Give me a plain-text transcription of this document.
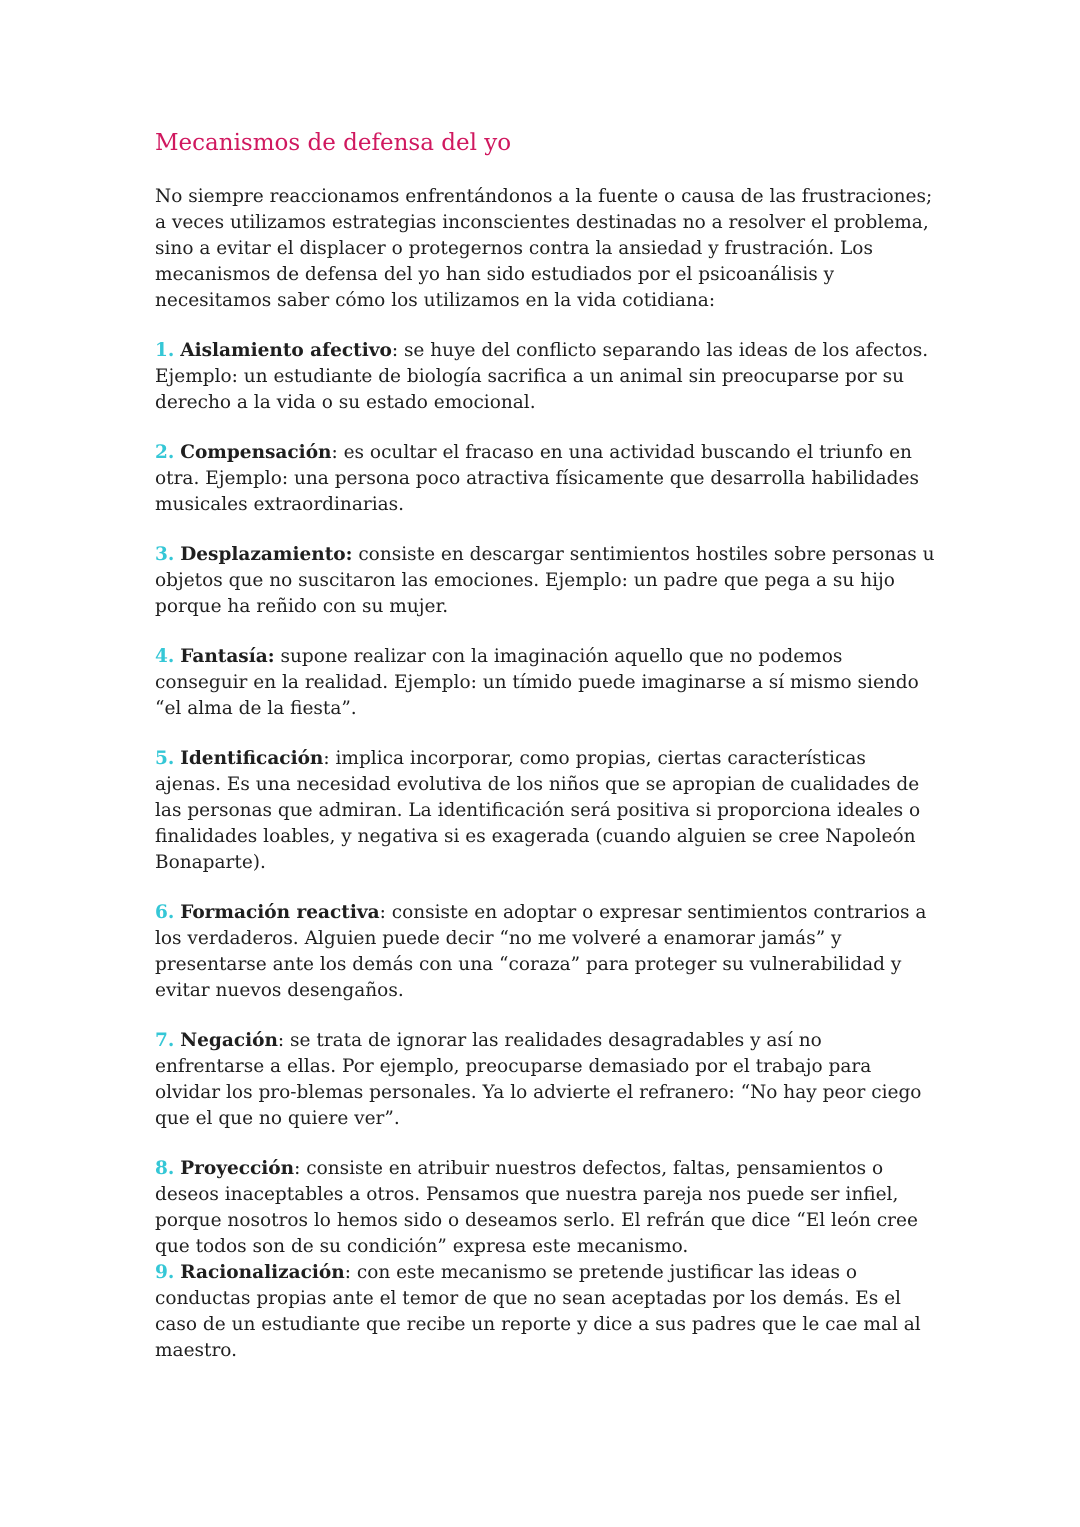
Mecanismos de defensa del yo

No siempre reaccionamos enfrentándonos a la fuente o causa de las frustraciones; a veces utilizamos estrategias inconscientes destinadas no a resolver el problema, sino a evitar el displacer o protegernos contra la ansiedad y frustración. Los mecanismos de defensa del yo han sido estudiados por el psicoanálisis y necesitamos saber cómo los utilizamos en la vida cotidiana:

1. Aislamiento afectivo: se huye del conflicto separando las ideas de los afectos. Ejemplo: un estudiante de biología sacrifica a un animal sin preocuparse por su derecho a la vida o su estado emocional.

2. Compensación: es ocultar el fracaso en una actividad buscando el triunfo en otra. Ejemplo: una persona poco atractiva físicamente que desarrolla habilidades musicales extraordinarias.

3. Desplazamiento: consiste en descargar sentimientos hostiles sobre personas u objetos que no suscitaron las emociones. Ejemplo: un padre que pega a su hijo porque ha reñido con su mujer.

4. Fantasía: supone realizar con la imaginación aquello que no podemos conseguir en la realidad. Ejemplo: un tímido puede imaginarse a sí mismo siendo “el alma de la fiesta”.

5. Identificación: implica incorporar, como propias, ciertas características ajenas. Es una necesidad evolutiva de los niños que se apropian de cualidades de las personas que admiran. La identificación será positiva si proporciona ideales o finalidades loables, y negativa si es exagerada (cuando alguien se cree Napoleón Bonaparte).

6. Formación reactiva: consiste en adoptar o expresar sentimientos contrarios a los verdaderos. Alguien puede decir “no me volveré a enamorar jamás” y presentarse ante los demás con una “coraza” para proteger su vulnerabilidad y evitar nuevos desengaños.

7. Negación: se trata de ignorar las realidades desagradables y así no enfrentarse a ellas. Por ejemplo, preocuparse demasiado por el trabajo para olvidar los pro-blemas personales. Ya lo advierte el refranero: “No hay peor ciego que el que no quiere ver”.

8. Proyección: consiste en atribuir nuestros defectos, faltas, pensamientos o deseos inaceptables a otros. Pensamos que nuestra pareja nos puede ser infiel, porque nosotros lo hemos sido o deseamos serlo. El refrán que dice “El león cree que todos son de su condición” expresa este mecanismo.

9. Racionalización: con este mecanismo se pretende justificar las ideas o conductas propias ante el temor de que no sean aceptadas por los demás. Es el caso de un estudiante que recibe un reporte y dice a sus padres que le cae mal al maestro.
